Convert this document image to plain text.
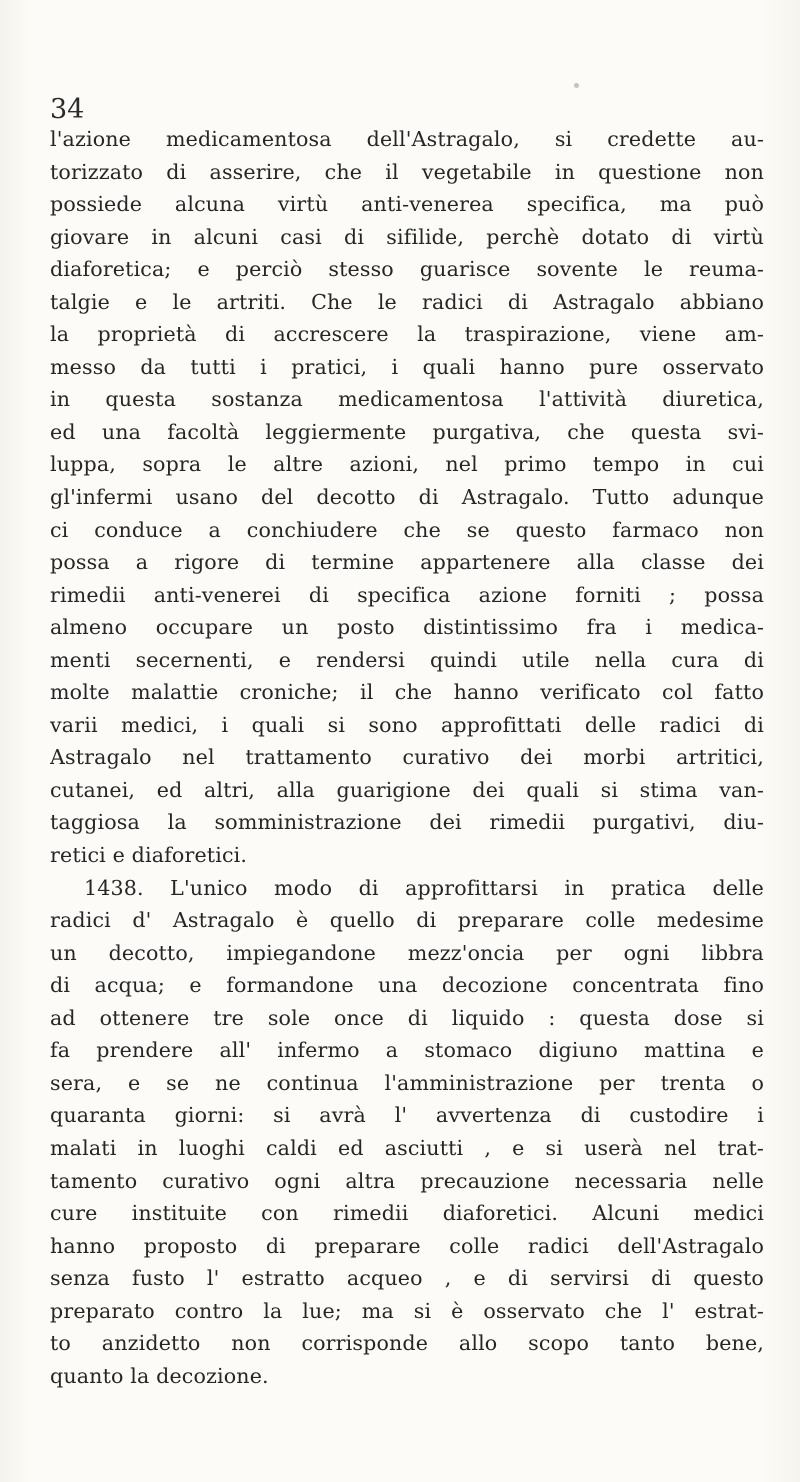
34
l'azione medicamentosa dell'Astragalo, si credette au-
torizzato di asserire, che il vegetabile in questione non
possiede alcuna virtù anti-venerea specifica, ma può
giovare in alcuni casi di sifilide, perchè dotato di virtù
diaforetica; e perciò stesso guarisce sovente le reuma-
talgie e le artriti. Che le radici di Astragalo abbiano
la proprietà di accrescere la traspirazione, viene am-
messo da tutti i pratici, i quali hanno pure osservato
in questa sostanza medicamentosa l'attività diuretica,
ed una facoltà leggiermente purgativa, che questa svi-
luppa, sopra le altre azioni, nel primo tempo in cui
gl'infermi usano del decotto di Astragalo. Tutto adunque
ci conduce a conchiudere che se questo farmaco non
possa a rigore di termine appartenere alla classe dei
rimedii anti-venerei di specifica azione forniti ; possa
almeno occupare un posto distintissimo fra i medica-
menti secernenti, e rendersi quindi utile nella cura di
molte malattie croniche; il che hanno verificato col fatto
varii medici, i quali si sono approfittati delle radici di
Astragalo nel trattamento curativo dei morbi artritici,
cutanei, ed altri, alla guarigione dei quali si stima van-
taggiosa la somministrazione dei rimedii purgativi, diu-
retici e diaforetici.
1438. L'unico modo di approfittarsi in pratica delle
radici d' Astragalo è quello di preparare colle medesime
un decotto, impiegandone mezz'oncia per ogni libbra
di acqua; e formandone una decozione concentrata fino
ad ottenere tre sole once di liquido : questa dose si
fa prendere all' infermo a stomaco digiuno mattina e
sera, e se ne continua l'amministrazione per trenta o
quaranta giorni: si avrà l' avvertenza di custodire i
malati in luoghi caldi ed asciutti , e si userà nel trat-
tamento curativo ogni altra precauzione necessaria nelle
cure instituite con rimedii diaforetici. Alcuni medici
hanno proposto di preparare colle radici dell'Astragalo
senza fusto l' estratto acqueo , e di servirsi di questo
preparato contro la lue; ma si è osservato che l' estrat-
to anzidetto non corrisponde allo scopo tanto bene,
quanto la decozione.
